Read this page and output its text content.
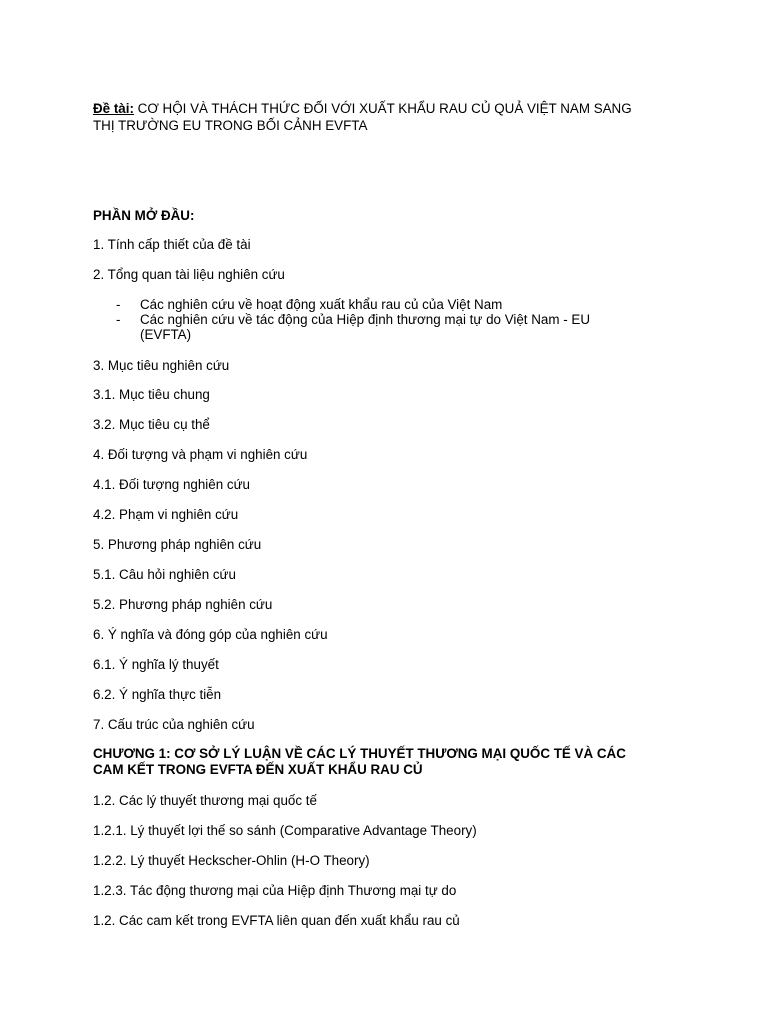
Đề tài: CƠ HỘI VÀ THÁCH THỨC ĐỐI VỚI XUẤT KHẨU RAU CỦ QUẢ VIỆT NAM SANG
THỊ TRƯỜNG EU TRONG BỐI CẢNH EVFTA
PHẦN MỞ ĐẦU:
1. Tính cấp thiết của đề tài
2. Tổng quan tài liệu nghiên cứu
- Các nghiên cứu về hoạt động xuất khẩu rau củ của Việt Nam
- Các nghiên cứu về tác động của Hiệp định thương mại tự do Việt Nam - EU
(EVFTA)
3. Mục tiêu nghiên cứu
3.1. Mục tiêu chung
3.2. Mục tiêu cụ thể
4. Đối tượng và phạm vi nghiên cứu
4.1. Đối tượng nghiên cứu
4.2. Phạm vi nghiên cứu
5. Phương pháp nghiên cứu
5.1. Câu hỏi nghiên cứu
5.2. Phương pháp nghiên cứu
6. Ý nghĩa và đóng góp của nghiên cứu
6.1. Ý nghĩa lý thuyết
6.2. Ý nghĩa thực tiễn
7. Cấu trúc của nghiên cứu
CHƯƠNG 1: CƠ SỞ LÝ LUẬN VỀ CÁC LÝ THUYẾT THƯƠNG MẠI QUỐC TẾ VÀ CÁC
CAM KẾT TRONG EVFTA ĐẾN XUẤT KHẨU RAU CỦ
1.2. Các lý thuyết thương mại quốc tế
1.2.1. Lý thuyết lợi thế so sánh (Comparative Advantage Theory)
1.2.2. Lý thuyết Heckscher-Ohlin (H-O Theory)
1.2.3. Tác động thương mại của Hiệp định Thương mại tự do
1.2. Các cam kết trong EVFTA liên quan đến xuất khẩu rau củ
